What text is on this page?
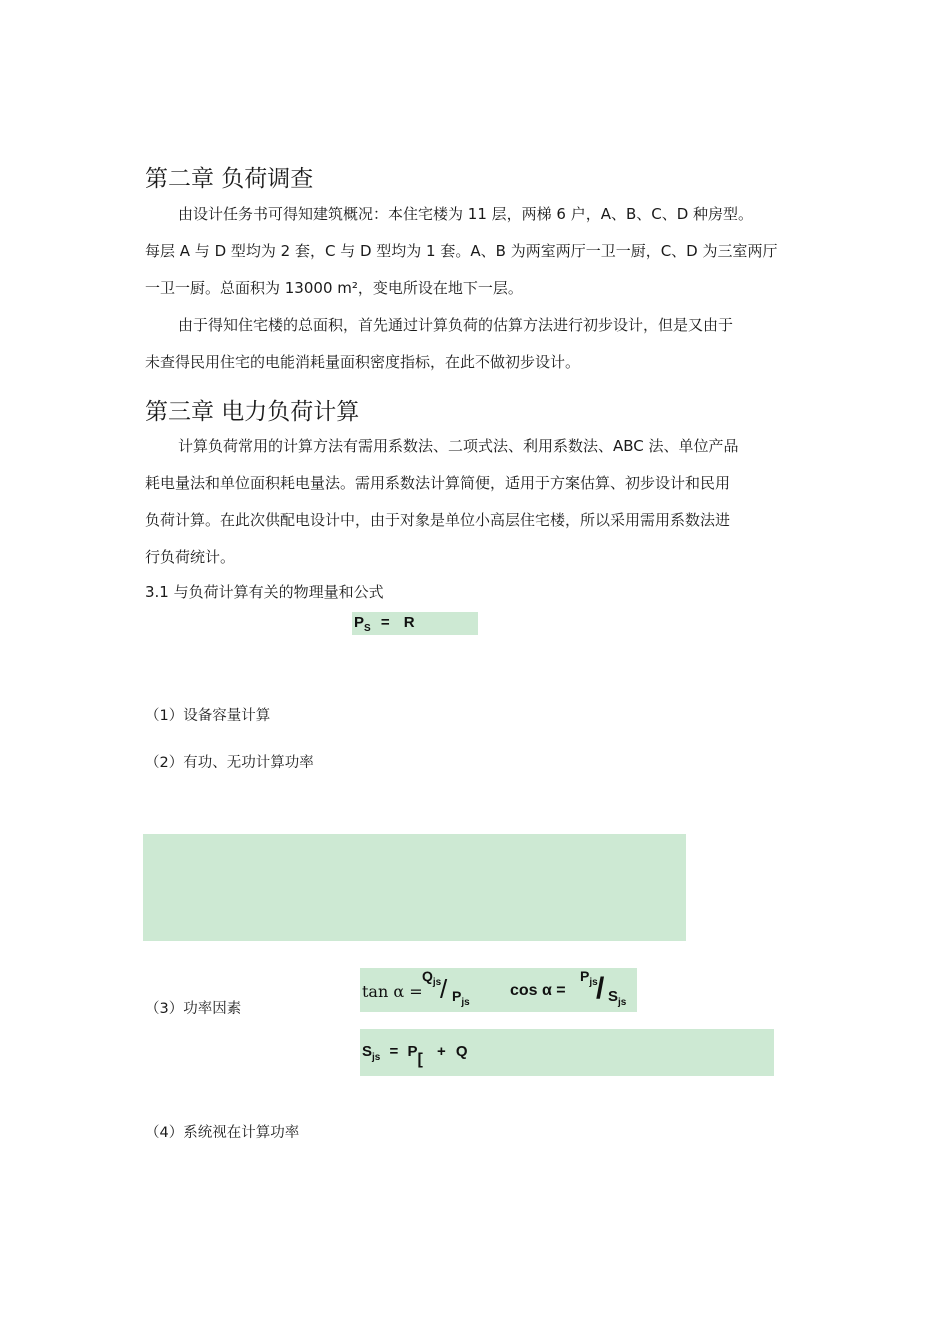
第二章 负荷调查
由设计任务书可得知建筑概况：本住宅楼为 11 层，两梯 6 户，A、B、C、D 种房型。
每层 A 与 D 型均为 2 套，C 与 D 型均为 1 套。A、B 为两室两厅一卫一厨，C、D 为三室两厅
一卫一厨。总面积为 13000 m²，变电所设在地下一层。
由于得知住宅楼的总面积，首先通过计算负荷的估算方法进行初步设计，但是又由于
未查得民用住宅的电能消耗量面积密度指标，在此不做初步设计。
第三章 电力负荷计算
计算负荷常用的计算方法有需用系数法、二项式法、利用系数法、ABC 法、单位产品
耗电量法和单位面积耗电量法。需用系数法计算简便，适用于方案估算、初步设计和民用
负荷计算。在此次供配电设计中，由于对象是单位小高层住宅楼，所以采用需用系数法进
行负荷统计。
3.1 与负荷计算有关的物理量和公式
$P_S = R$
（1）设备容量计算
（2）有功、无功计算功率
（3）功率因素
tan α =
$Q_{js}$
/ $P_{js}$
cos α =
$P_{js}$
/ $S_{js}$
$S_{js} = P[ + Q$
（4）系统视在计算功率
